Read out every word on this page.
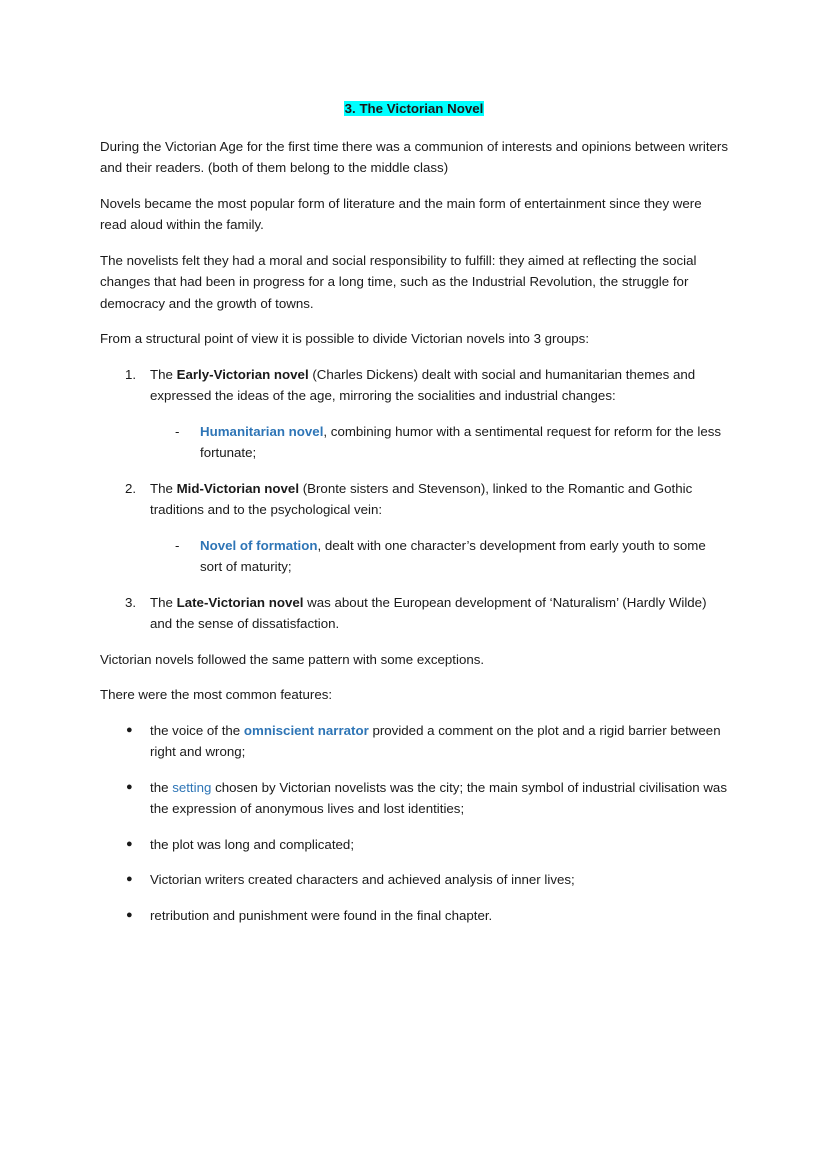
3. The Victorian Novel

During the Victorian Age for the first time there was a communion of interests and opinions between writers and their readers. (both of them belong to the middle class)

Novels became the most popular form of literature and the main form of entertainment since they were read aloud within the family.

The novelists felt they had a moral and social responsibility to fulfill: they aimed at reflecting the social changes that had been in progress for a long time, such as the Industrial Revolution, the struggle for democracy and the growth of towns.

From a structural point of view it is possible to divide Victorian novels into 3 groups:

1. The Early-Victorian novel (Charles Dickens) dealt with social and humanitarian themes and expressed the ideas of the age, mirroring the socialities and industrial changes:
- Humanitarian novel, combining humor with a sentimental request for reform for the less fortunate;
2. The Mid-Victorian novel (Bronte sisters and Stevenson), linked to the Romantic and Gothic traditions and to the psychological vein:
- Novel of formation, dealt with one character’s development from early youth to some sort of maturity;
3. The Late-Victorian novel was about the European development of ‘Naturalism’ (Hardly Wilde) and the sense of dissatisfaction.

Victorian novels followed the same pattern with some exceptions.

There were the most common features:

● the voice of the omniscient narrator provided a comment on the plot and a rigid barrier between right and wrong;
● the setting chosen by Victorian novelists was the city; the main symbol of industrial civilisation was the expression of anonymous lives and lost identities;
● the plot was long and complicated;
● Victorian writers created characters and achieved analysis of inner lives;
● retribution and punishment were found in the final chapter.
